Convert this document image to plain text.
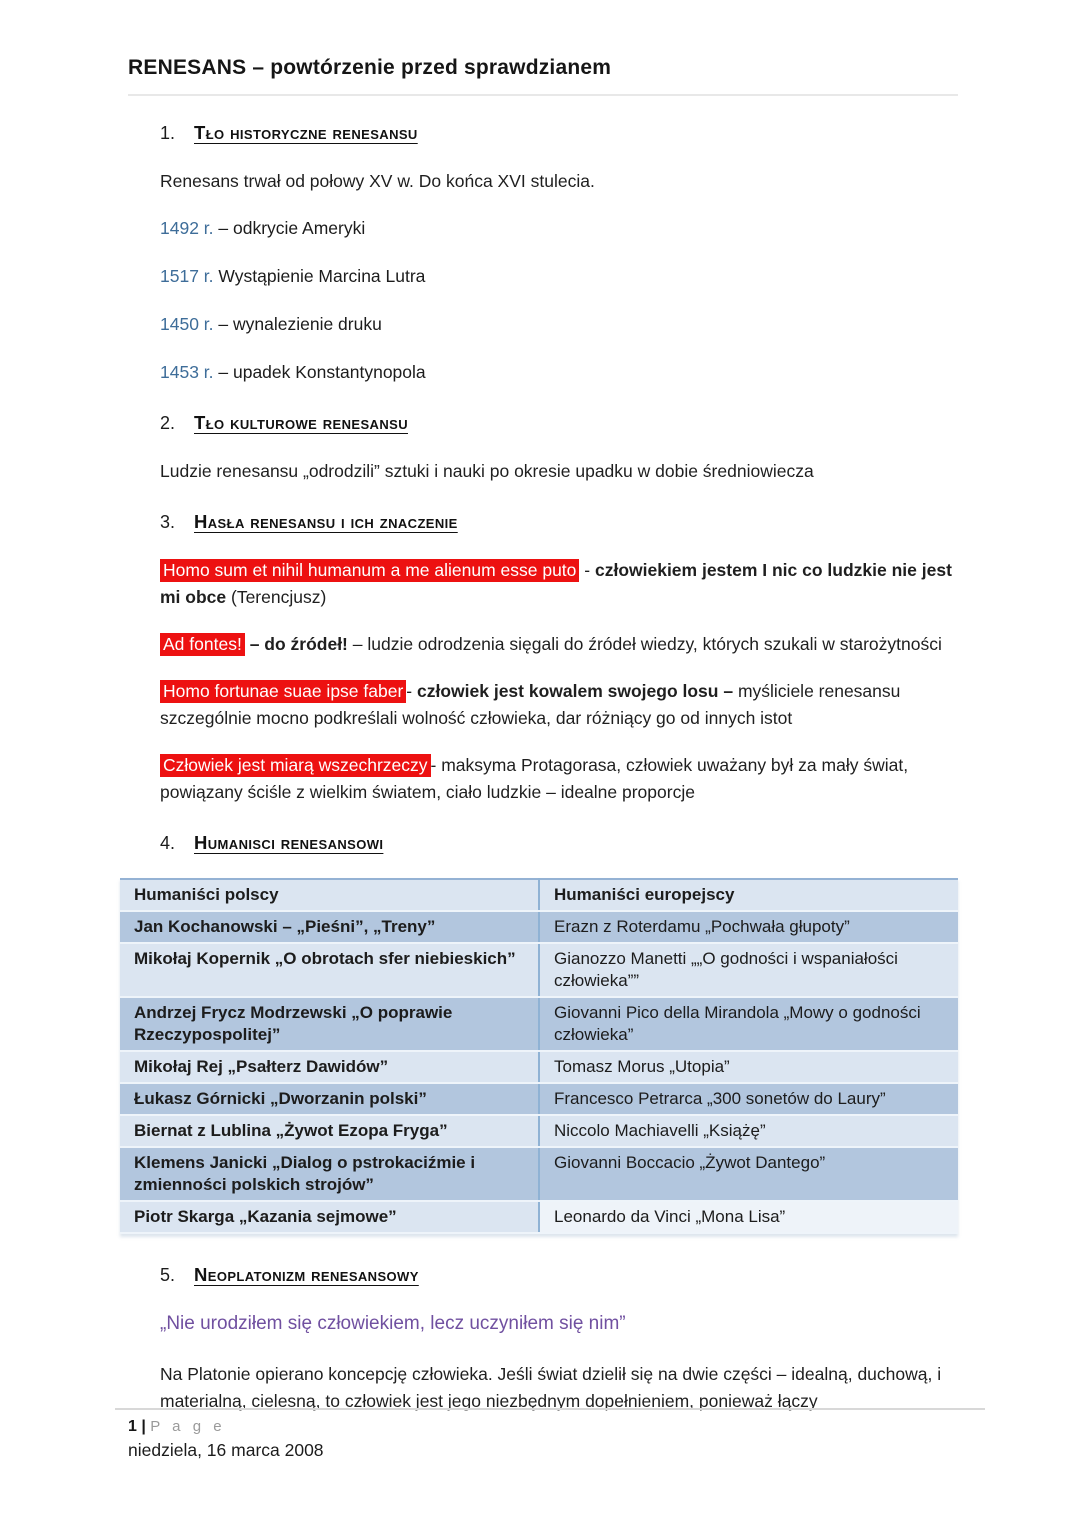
RENESANS – powtórzenie przed sprawdzianem
1. Tło historyczne renesansu

Renesans trwał od połowy XV w. Do końca XVI stulecia.

1492 r. – odkrycie Ameryki

1517 r. Wystąpienie Marcina Lutra

1450 r. – wynalezienie druku

1453 r. – upadek Konstantynopola

2. Tło kulturowe renesansu

Ludzie renesansu „odrodzili” sztuki i nauki po okresie upadku w dobie średniowiecza

3. Hasła renesansu i ich znaczenie

Homo sum et nihil humanum a me alienum esse puto - człowiekiem jestem I nic co ludzkie nie jest mi obce (Terencjusz)

Ad fontes! – do źródeł! – ludzie odrodzenia sięgali do źródeł wiedzy, których szukali w starożytności

Homo fortunae suae ipse faber - człowiek jest kowalem swojego losu – myśliciele renesansu szczególnie mocno podkreślali wolność człowieka, dar różniący go od innych istot

Człowiek jest miarą wszechrzeczy - maksyma Protagorasa, człowiek uważany był za mały świat, powiązany ściśle z wielkim światem, ciało ludzkie – idealne proporcje

4. Humanisci renesansowi
Humaniści polscy	Humaniści europejscy
Jan Kochanowski – „Pieśni”, „Treny”	Erazn z Roterdamu „Pochwała głupoty”
Mikołaj Kopernik „O obrotach sfer niebieskich”	Gianozzo Manetti „„O godności i wspaniałości człowieka””
Andrzej Frycz Modrzewski „O poprawie Rzeczypospolitej”	Giovanni Pico della Mirandola „Mowy o godności człowieka”
Mikołaj Rej „Psałterz Dawidów”	Tomasz Morus „Utopia”
Łukasz Górnicki „Dworzanin polski”	Francesco Petrarca „300 sonetów do Laury”
Biernat z Lublina „Żywot Ezopa Fryga”	Niccolo Machiavelli „Książę”
Klemens Janicki „Dialog o pstrokaciźmie i zmienności polskich strojów”	Giovanni Boccacio „Żywot Dantego”
Piotr Skarga „Kazania sejmowe”	Leonardo da Vinci „Mona Lisa”
5. Neoplatonizm renesansowy

„Nie urodziłem się człowiekiem, lecz uczyniłem się nim”

Na Platonie opierano koncepcję człowieka. Jeśli świat dzielił się na dwie części – idealną, duchową, i materialną, cielesną, to człowiek jest jego niezbędnym dopełnieniem, ponieważ łączy

1 | P a g e
niedziela, 16 marca 2008
